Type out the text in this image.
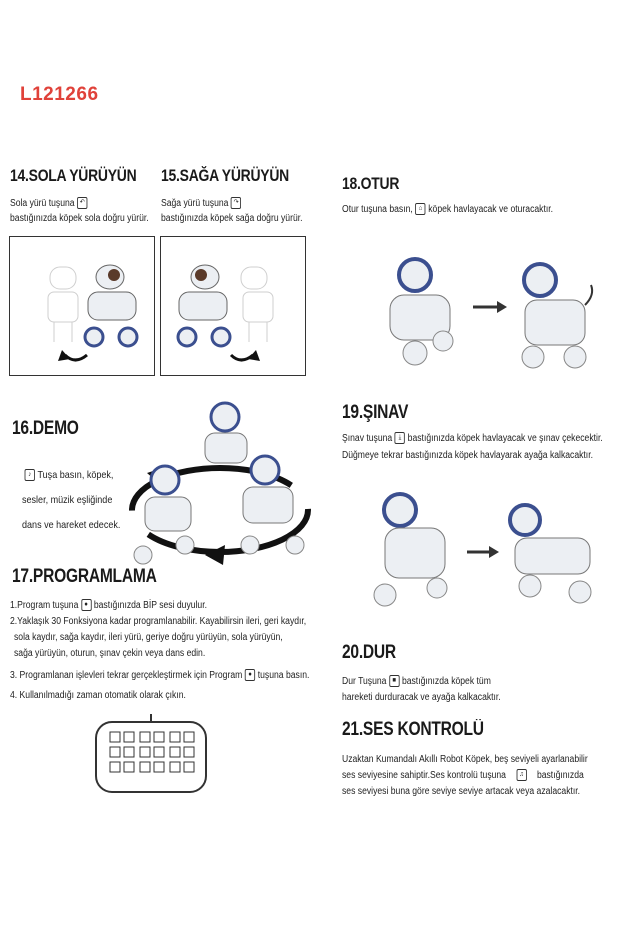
L121266
14.SOLA YÜRÜYÜN
Sola yürü tuşuna ↶
bastığınızda köpek sola doğru yürür.
15.SAĞA YÜRÜYÜN
Sağa yürü tuşuna ↷
bastığınızda köpek sağa doğru yürür.
18.OTUR
Otur tuşuna basın, ⌂ köpek havlayacak ve oturacaktır.
16.DEMO
♪ Tuşa basın, köpek,
sesler, müzik eşliğinde
dans ve hareket edecek.
19.ŞINAV
Şınav tuşuna ⤓ bastığınızda köpek havlayacak ve şınav çekecektir.
Düğmeye tekrar bastığınızda köpek havlayarak ayağa kalkacaktır.
17.PROGRAMLAMA
1.Program tuşuna ● bastığınızda BİP sesi duyulur.
2.Yaklaşık 30 Fonksiyona kadar programlanabilir. Kayabilirsin ileri, geri kaydır,
sola kaydır, sağa kaydır, ileri yürü, geriye doğru yürüyün, sola yürüyün,
sağa yürüyün, oturun, şınav çekin veya dans edin.
3. Programlanan işlevleri tekrar gerçekleştirmek için Program ● tuşuna basın.
4. Kullanılmadığı zaman otomatik olarak çıkın.
20.DUR
Dur Tuşuna ■ bastığınızda köpek tüm
hareketi durduracak ve ayağa kalkacaktır.
21.SES KONTROLÜ
Uzaktan Kumandalı Akıllı Robot Köpek, beş seviyeli ayarlanabilir
ses seviyesine sahiptir.Ses kontrolü tuşuna ♫ bastığınızda
ses seviyesi buna göre seviye seviye artacak veya azalacaktır.
